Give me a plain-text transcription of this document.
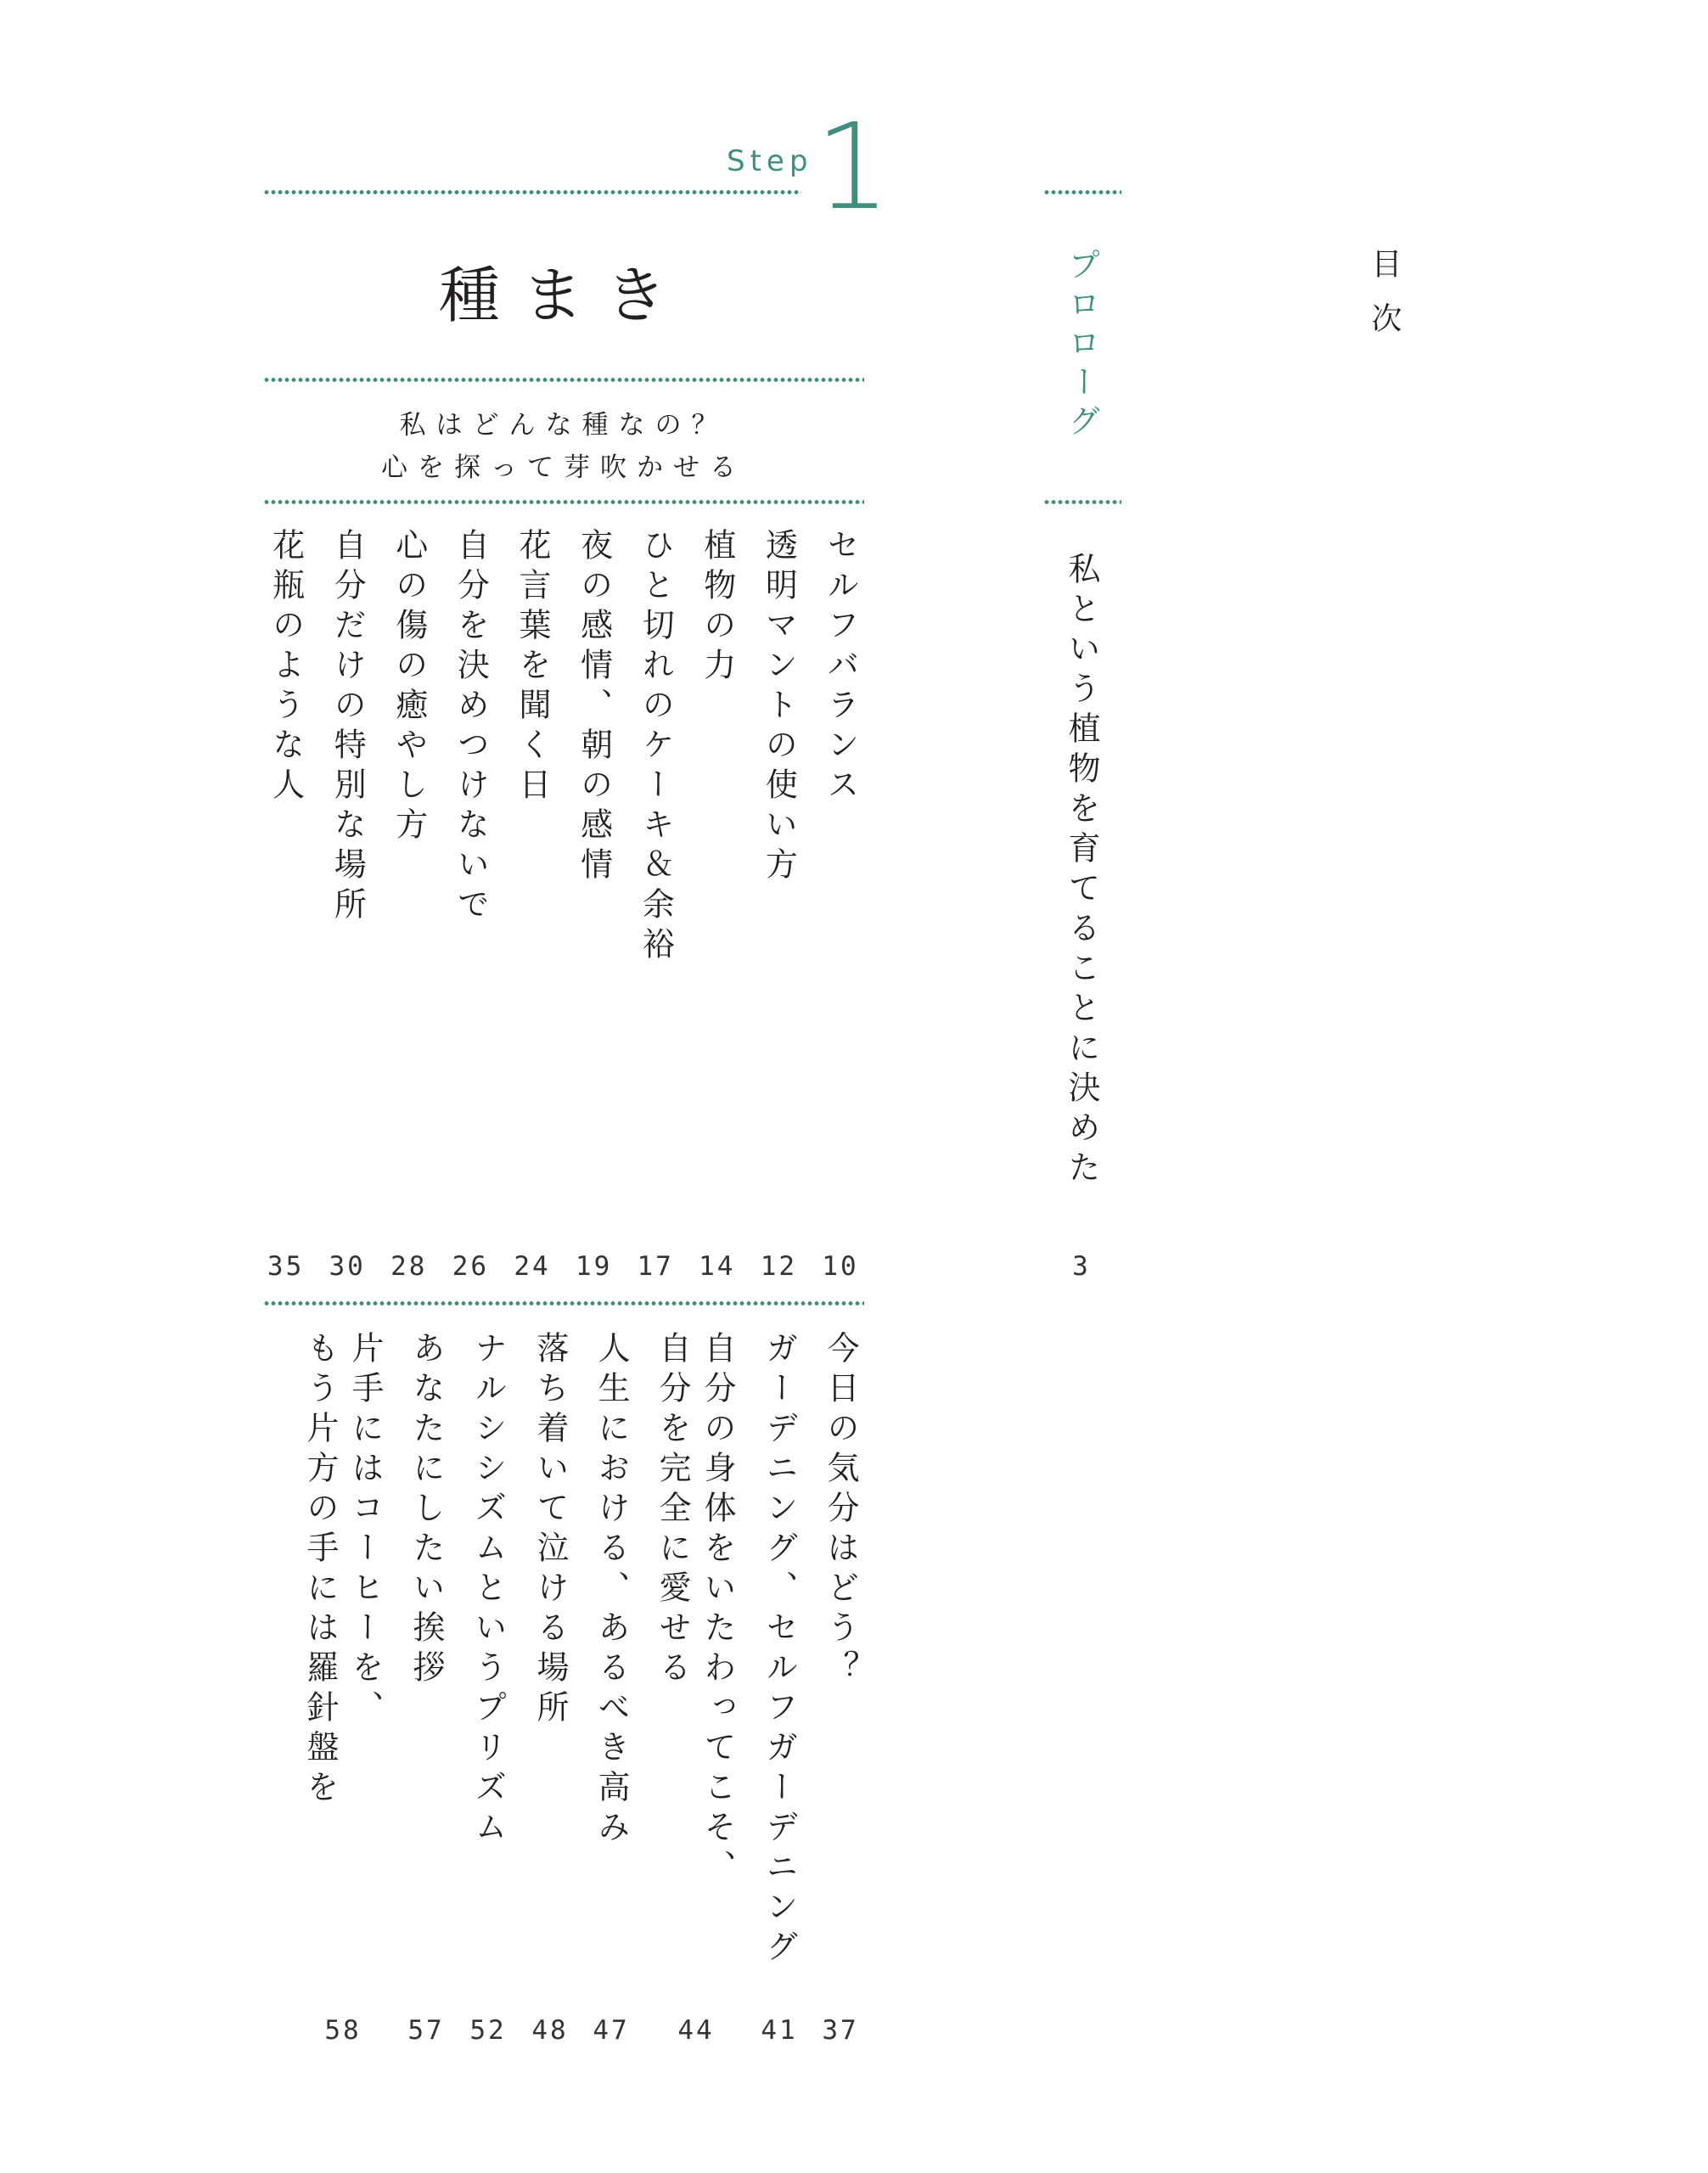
目次
プロローグ
私という植物を育てることに決めた
3
Step 1
種まき
私はどんな種なの？
心を探って芽吹かせる
セルフバランス
10
透明マントの使い方
12
植物の力
14
ひと切れのケーキ＆余裕
17
夜の感情、朝の感情
19
花言葉を聞く日
24
自分を決めつけないで
26
心の傷の癒やし方
28
自分だけの特別な場所
30
花瓶のような人
35
今日の気分はどう？
37
ガーデニング、セルフガーデニング
41
自分の身体をいたわってこそ、
自分を完全に愛せる
44
人生における、あるべき高み
47
落ち着いて泣ける場所
48
ナルシシズムというプリズム
52
あなたにしたい挨拶
57
片手にはコーヒーを、
もう片方の手には羅針盤を
58
